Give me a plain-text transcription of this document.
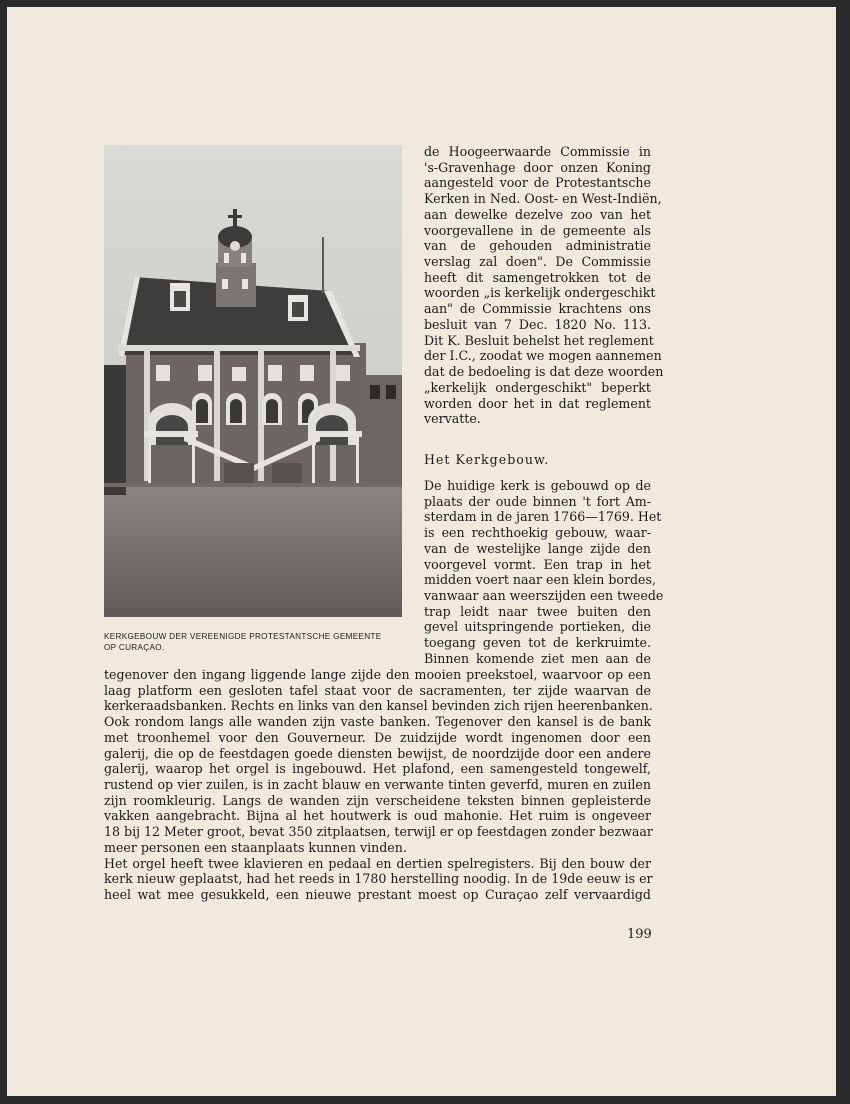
KERKGEBOUW DER VEREENIGDE PROTESTANTSCHE GEMEENTE
OP CURAÇAO.
de Hoogeerwaarde Commissie in
's-Gravenhage door onzen Koning
aangesteld voor de Protestantsche
Kerken in Ned. Oost- en West-Indiën,
aan dewelke dezelve zoo van het
voorgevallene in de gemeente als
van de gehouden administratie
verslag zal doen". De Commissie
heeft dit samengetrokken tot de
woorden „is kerkelijk ondergeschikt
aan" de Commissie krachtens ons
besluit van 7 Dec. 1820 No. 113.
Dit K. Besluit behelst het reglement
der I.C., zoodat we mogen aannemen
dat de bedoeling is dat deze woorden
„kerkelijk ondergeschikt" beperkt
worden door het in dat reglement
vervatte.
Het Kerkgebouw.
De huidige kerk is gebouwd op de
plaats der oude binnen 't fort Am-
sterdam in de jaren 1766—1769. Het
is een rechthoekig gebouw, waar-
van de westelijke lange zijde den
voorgevel vormt. Een trap in het
midden voert naar een klein bordes,
vanwaar aan weerszijden een tweede
trap leidt naar twee buiten den
gevel uitspringende portieken, die
toegang geven tot de kerkruimte.
Binnen komende ziet men aan de
tegenover den ingang liggende lange zijde den mooien preekstoel, waarvoor op een
laag platform een gesloten tafel staat voor de sacramenten, ter zijde waarvan de
kerkeraadsbanken. Rechts en links van den kansel bevinden zich rijen heerenbanken.
Ook rondom langs alle wanden zijn vaste banken. Tegenover den kansel is de bank
met troonhemel voor den Gouverneur. De zuidzijde wordt ingenomen door een
galerij, die op de feestdagen goede diensten bewijst, de noordzijde door een andere
galerij, waarop het orgel is ingebouwd. Het plafond, een samengesteld tongewelf,
rustend op vier zuilen, is in zacht blauw en verwante tinten geverfd, muren en zuilen
zijn roomkleurig. Langs de wanden zijn verscheidene teksten binnen gepleisterde
vakken aangebracht. Bijna al het houtwerk is oud mahonie. Het ruim is ongeveer
18 bij 12 Meter groot, bevat 350 zitplaatsen, terwijl er op feestdagen zonder bezwaar
meer personen een staanplaats kunnen vinden.
Het orgel heeft twee klavieren en pedaal en dertien spelregisters. Bij den bouw der
kerk nieuw geplaatst, had het reeds in 1780 herstelling noodig. In de 19de eeuw is er
heel wat mee gesukkeld, een nieuwe prestant moest op Curaçao zelf vervaardigd
199
